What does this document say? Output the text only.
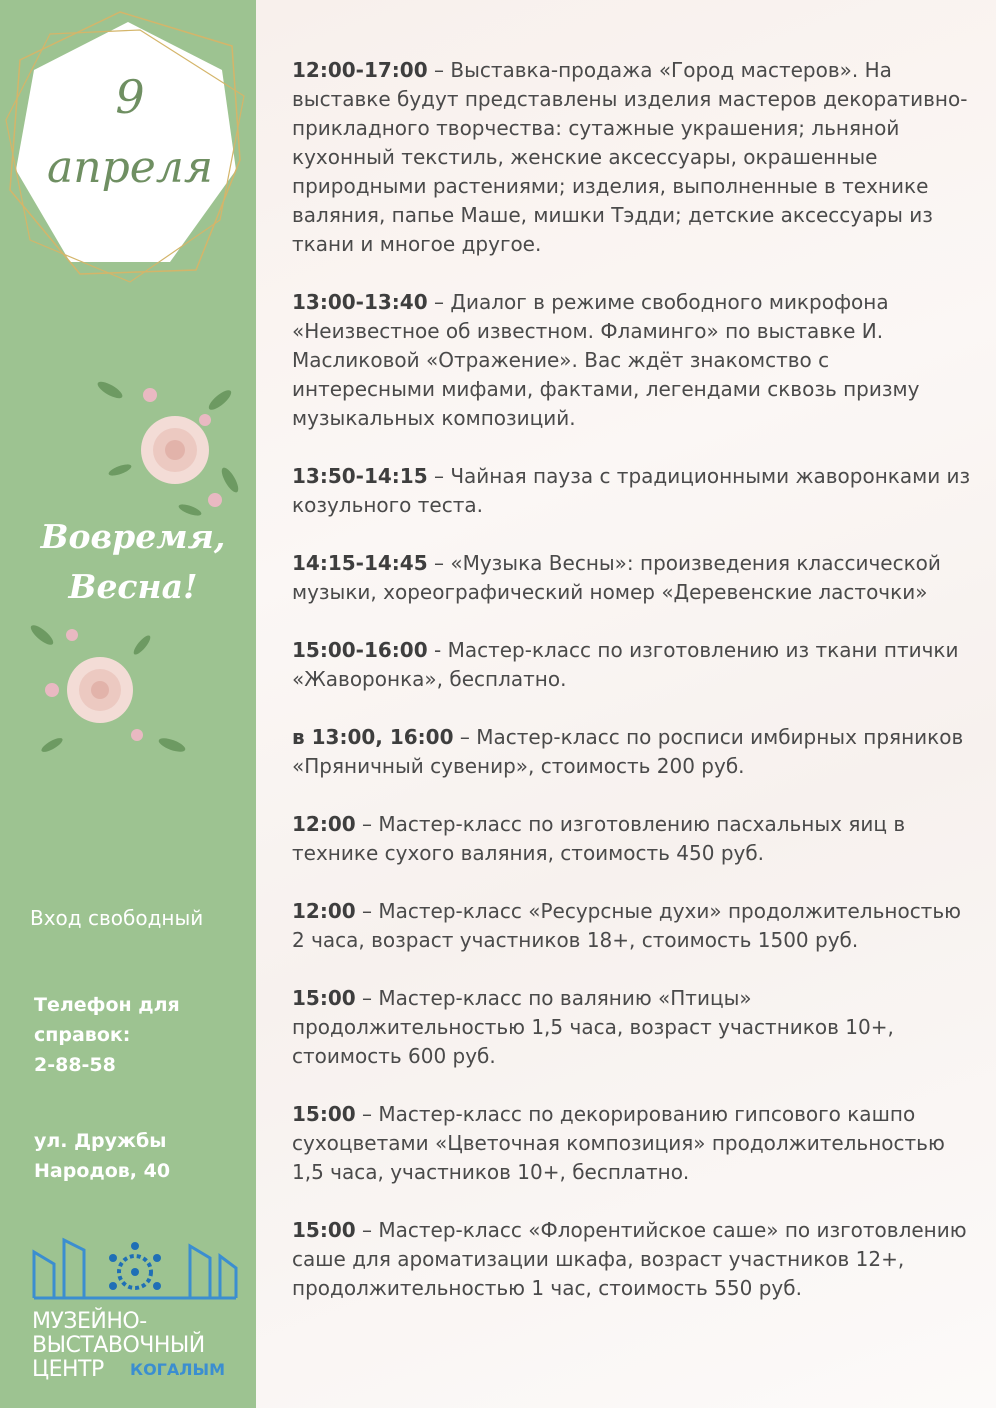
9
апреля
Вовремя,
Весна!
Вход свободный
Телефон для
справок:
2-88-58
ул. Дружбы
Народов, 40
МУЗЕЙНО-
ВЫСТАВОЧНЫЙ
ЦЕНТР	КОГАЛЫМ
12:00-17:00 – Выставка-продажа «Город мастеров». На выставке будут представлены изделия мастеров декоративно-прикладного творчества: сутажные украшения; льняной кухонный текстиль, женские аксессуары, окрашенные природными растениями; изделия, выполненные в технике валяния, папье Маше, мишки Тэдди; детские аксессуары из ткани и многое другое.
13:00-13:40 – Диалог в режиме свободного микрофона «Неизвестное об известном. Фламинго» по выставке И. Масликовой «Отражение». Вас ждёт знакомство с интересными мифами, фактами, легендами сквозь призму музыкальных композиций.
13:50-14:15 – Чайная пауза с традиционными жаворонками из козульного теста.
14:15-14:45 – «Музыка Весны»: произведения классической музыки, хореографический номер «Деревенские ласточки»
15:00-16:00 - Мастер-класс по изготовлению из ткани птички «Жаворонка», бесплатно.
в 13:00, 16:00 – Мастер-класс по росписи имбирных пряников «Пряничный сувенир», стоимость 200 руб.
12:00 – Мастер-класс по изготовлению пасхальных яиц в технике сухого валяния, стоимость 450 руб.
12:00 – Мастер-класс «Ресурсные духи» продолжительностью 2 часа, возраст участников 18+, стоимость 1500 руб.
15:00 – Мастер-класс по валянию «Птицы» продолжительностью 1,5 часа, возраст участников 10+, стоимость 600 руб.
15:00 – Мастер-класс по декорированию гипсового кашпо сухоцветами «Цветочная композиция» продолжительностью 1,5 часа, участников 10+, бесплатно.
15:00 – Мастер-класс «Флорентийское саше» по изготовлению саше для ароматизации шкафа, возраст участников 12+, продолжительностью 1 час, стоимость 550 руб.
